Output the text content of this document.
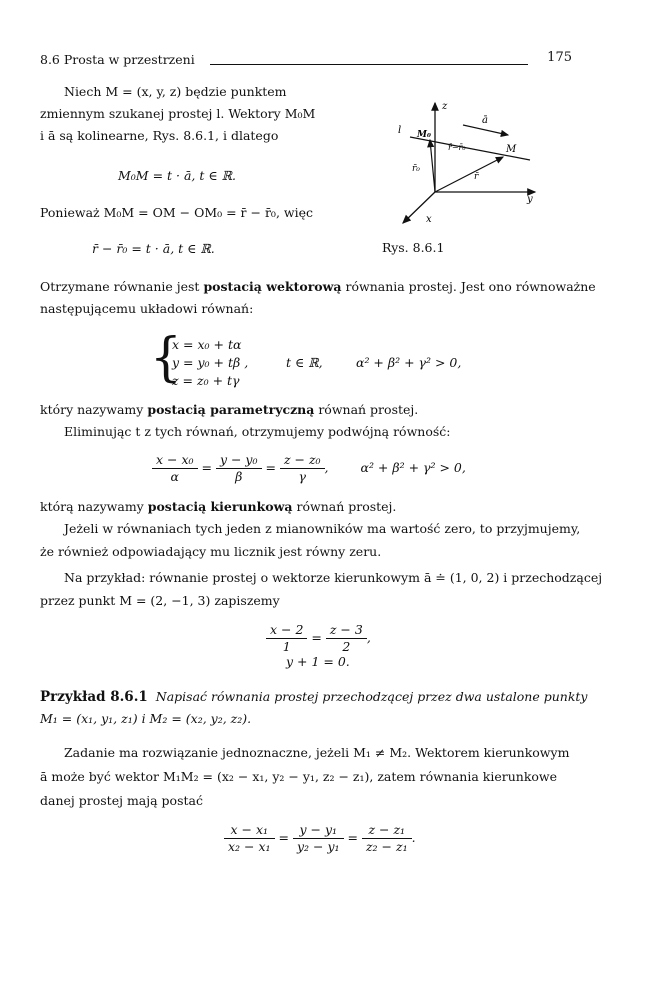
8.6 Prosta w przestrzeni	175
Niech M = (x, y, z) będzie punktem
zmiennym szukanej prostej l. Wektory M₀M
i ā są kolinearne, Rys. 8.6.1, i dlatego
M₀M = t · ā, t ∈ ℝ.
Ponieważ M₀M = OM − OM₀ = r̄ − r̄₀, więc
r̄ − r̄₀ = t · ā, t ∈ ℝ.
z
y
x
l M₀
M
ā
r̄₀
r̄
r̄−r̄₀
Rys. 8.6.1
Otrzymane równanie jest postacią wektorową równania prostej. Jest ono równoważne
następującemu układowi równań:
{
x = x₀ + tα
y = y₀ + tβ ,
z = z₀ + tγ
t ∈ ℝ,	α² + β² + γ² > 0,
który nazywamy postacią parametryczną równań prostej.
Eliminując t z tych równań, otrzymujemy podwójną równość:
$\frac{\text{x − x₀}}{\alpha} = \frac{\text{y − y₀}}{\beta} = \frac{\text{z − z₀}}{\gamma}$ , α² + β² + γ² > 0,
którą nazywamy postacią kierunkową równań prostej.
Jeżeli w równaniach tych jeden z mianowników ma wartość zero, to przyjmujemy,
że również odpowiadający mu licznik jest równy zeru.
Na przykład: równanie prostej o wektorze kierunkowym ā ≐ (1, 0, 2) i przechodzącej
przez punkt M = (2, −1, 3) zapiszemy
$\frac{x - 2}{1} = \frac{z - 3}{2}$ ,
y + 1 = 0.
Przykład 8.6.1 Napisać równania prostej przechodzącej przez dwa ustalone punkty
M₁ = (x₁, y₁, z₁) i M₂ = (x₂, y₂, z₂).
Zadanie ma rozwiązanie jednoznaczne, jeżeli M₁ ≠ M₂. Wektorem kierunkowym
ā może być wektor M₁M₂ = (x₂ − x₁, y₂ − y₁, z₂ − z₁), zatem równania kierunkowe
danej prostej mają postać
$\frac{\text{x − x₁}}{\text{x₂ − x₁}} = \frac{\text{y − y₁}}{\text{y₂ − y₁}} = \frac{\text{z − z₁}}{\text{z₂ − z₁}}$ .
